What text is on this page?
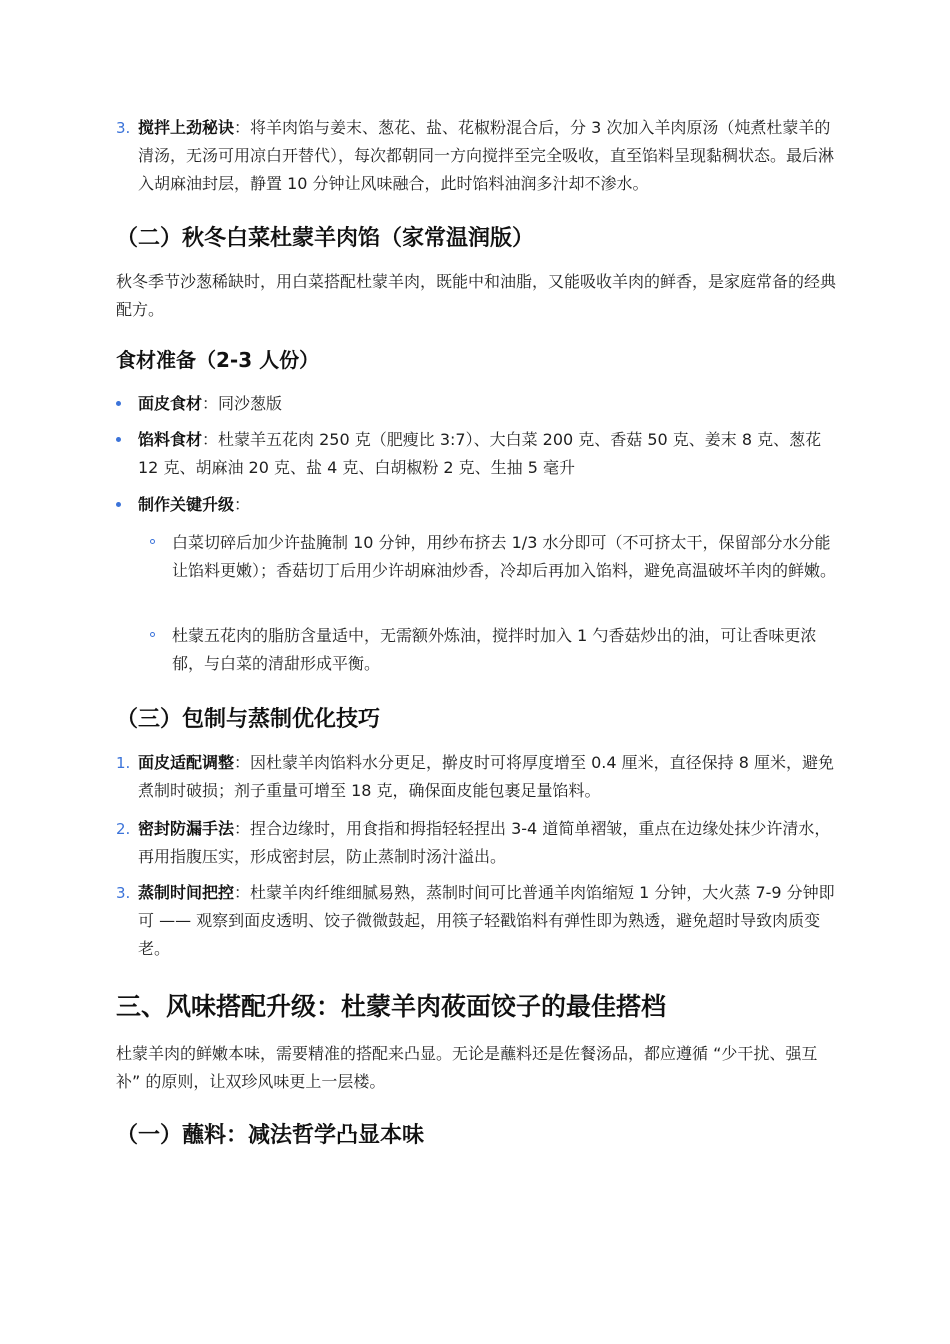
3. 搅拌上劲秘诀：将羊肉馅与姜末、葱花、盐、花椒粉混合后，分 3 次加入羊肉原汤（炖煮杜蒙羊的清汤，无汤可用凉白开替代），每次都朝同一方向搅拌至完全吸收，直至馅料呈现黏稠状态。最后淋入胡麻油封层，静置 10 分钟让风味融合，此时馅料油润多汁却不渗水。
（二）秋冬白菜杜蒙羊肉馅（家常温润版）
秋冬季节沙葱稀缺时，用白菜搭配杜蒙羊肉，既能中和油脂，又能吸收羊肉的鲜香，是家庭常备的经典配方。
食材准备（2-3 人份）
面皮食材：同沙葱版
馅料食材：杜蒙羊五花肉 250 克（肥瘦比 3:7）、大白菜 200 克、香菇 50 克、姜末 8 克、葱花 12 克、胡麻油 20 克、盐 4 克、白胡椒粉 2 克、生抽 5 毫升
制作关键升级：
白菜切碎后加少许盐腌制 10 分钟，用纱布挤去 1/3 水分即可（不可挤太干，保留部分水分能让馅料更嫩）；香菇切丁后用少许胡麻油炒香，冷却后再加入馅料，避免高温破坏羊肉的鲜嫩。
杜蒙五花肉的脂肪含量适中，无需额外炼油，搅拌时加入 1 勺香菇炒出的油，可让香味更浓郁，与白菜的清甜形成平衡。
（三）包制与蒸制优化技巧
1. 面皮适配调整：因杜蒙羊肉馅料水分更足，擀皮时可将厚度增至 0.4 厘米，直径保持 8 厘米，避免煮制时破损；剂子重量可增至 18 克，确保面皮能包裹足量馅料。
2. 密封防漏手法：捏合边缘时，用食指和拇指轻轻捏出 3-4 道简单褶皱，重点在边缘处抹少许清水，再用指腹压实，形成密封层，防止蒸制时汤汁溢出。
3. 蒸制时间把控：杜蒙羊肉纤维细腻易熟，蒸制时间可比普通羊肉馅缩短 1 分钟，大火蒸 7-9 分钟即可 —— 观察到面皮透明、饺子微微鼓起，用筷子轻戳馅料有弹性即为熟透，避免超时导致肉质变老。
三、风味搭配升级：杜蒙羊肉莜面饺子的最佳搭档
杜蒙羊肉的鲜嫩本味，需要精准的搭配来凸显。无论是蘸料还是佐餐汤品，都应遵循 “少干扰、强互补” 的原则，让双珍风味更上一层楼。
（一）蘸料：减法哲学凸显本味
